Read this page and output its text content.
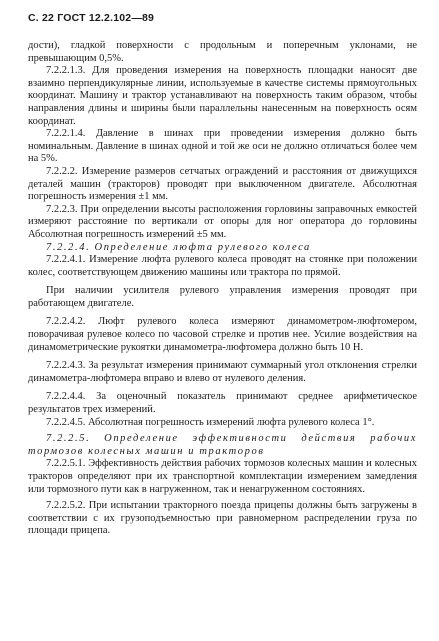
С. 22 ГОСТ 12.2.102—89

дости), гладкой поверхности с продольным и поперечным уклонами, не превышающим 0,5%.

7.2.2.1.3. Для проведения измерения на поверхность площадки наносят две взаимно перпендикулярные линии, используемые в качестве системы прямоугольных координат. Машину и трактор устанавливают на поверхность таким образом, чтобы направления длины и ширины были параллельны нанесенным на поверхность осям координат.

7.2.2.1.4. Давление в шинах при проведении измерения должно быть номинальным. Давление в шинах одной и той же оси не должно отличаться более чем на 5%.

7.2.2.2. Измерение размеров сетчатых ограждений и расстояния от движущихся деталей машин (тракторов) проводят при выключенном двигателе. Абсолютная погрешность измерения ±1 мм.

7.2.2.3. При определении высоты расположения горловины заправочных емкостей измеряют расстояние по вертикали от опоры для ног оператора до горловины Абсолютная погрешность измерений ±5 мм.

7.2.2.4. Определение люфта рулевого колеса

7.2.2.4.1. Измерение люфта рулевого колеса проводят на стоянке при положении колес, соответствующем движению машины или трактора по прямой.

При наличии усилителя рулевого управления измерения проводят при работающем двигателе.

7.2.2.4.2. Люфт рулевого колеса измеряют динамометром-люфтомером, поворачивая рулевое колесо по часовой стрелке и против нее. Усилие воздействия на динамометрические рукоятки динамометра-люфтомера должно быть 10 Н.

7.2.2.4.3. За результат измерения принимают суммарный угол отклонения стрелки динамометра-люфтомера вправо и влево от нулевого деления.

7.2.2.4.4. За оценочный показатель принимают среднее арифметическое результатов трех измерений.

7.2.2.4.5. Абсолютная погрешность измерений люфта рулевого колеса 1°.

7.2.2.5. Определение эффективности действия рабочих тормозов колесных машин и тракторов

7.2.2.5.1. Эффективность действия рабочих тормозов колесных машин и колесных тракторов определяют при их транспортной комплектации измерением замедления или тормозного пути как в нагруженном, так и ненагруженном состояниях.

7.2.2.5.2. При испытании тракторного поезда прицепы должны быть загружены в соответствии с их грузоподъемностью при равномерном распределении груза по площади прицепа.
